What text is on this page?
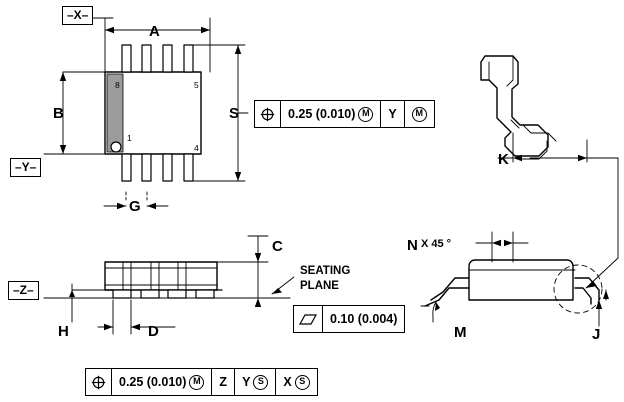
–X–
–Y–
–Z–
A
B	S
G
C
H	D
K
N X 45 °
M	J
8	5
1
4
SEATING
PLANE
0.25 (0.010) M	Y	M
0.10 (0.004)
0.25 (0.010) M	Z Y S	X S
